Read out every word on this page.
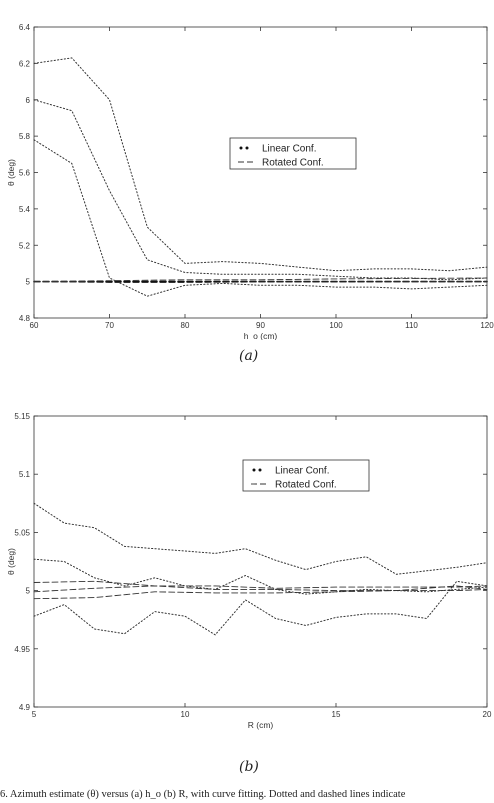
60	70	80	90	100	110	120
4.8
5
5.2
5.4
5.6
5.8
6
6.2
6.4
h_o (cm)
θ (deg)
Linear Conf.
Rotated Conf.
(a)
5	10	15	20
4.9
4.95
5
5.05
5.1
5.15
R (cm)
θ (deg)
Linear Conf.
Rotated Conf.
(b)
6. Azimuth estimate (θ) versus (a) h_o (b) R, with curve fitting. Dotted and dashed lines indicate
